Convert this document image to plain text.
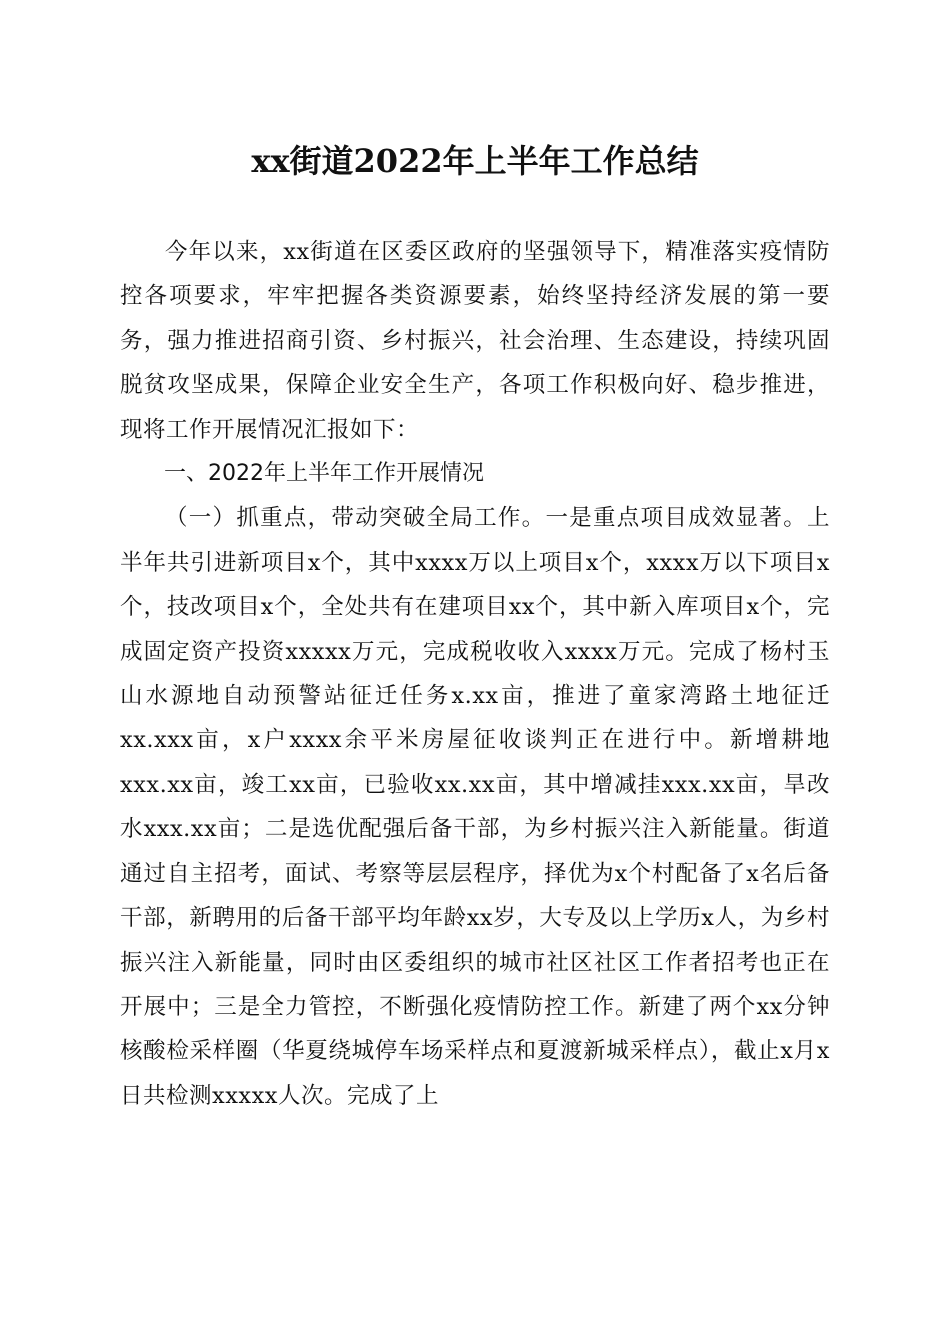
xx街道2022年上半年工作总结

今年以来，xx街道在区委区政府的坚强领导下，精准落实疫情防控各项要求，牢牢把握各类资源要素，始终坚持经济发展的第一要务，强力推进招商引资、乡村振兴，社会治理、生态建设，持续巩固脱贫攻坚成果，保障企业安全生产，各项工作积极向好、稳步推进，现将工作开展情况汇报如下：

一、2022年上半年工作开展情况

（一）抓重点，带动突破全局工作。一是重点项目成效显著。上半年共引进新项目x个，其中xxxx万以上项目x个，xxxx万以下项目x个，技改项目x个，全处共有在建项目xx个，其中新入库项目x个，完成固定资产投资xxxxx万元，完成税收收入xxxx万元。完成了杨村玉山水源地自动预警站征迁任务x.xx亩，推进了童家湾路土地征迁xx.xxx亩，x户xxxx余平米房屋征收谈判正在进行中。新增耕地xxx.xx亩，竣工xx亩，已验收xx.xx亩，其中增减挂xxx.xx亩，旱改水xxx.xx亩；二是选优配强后备干部，为乡村振兴注入新能量。街道通过自主招考，面试、考察等层层程序，择优为x个村配备了x名后备干部，新聘用的后备干部平均年龄xx岁，大专及以上学历x人，为乡村振兴注入新能量，同时由区委组织的城市社区社区工作者招考也正在开展中；三是全力管控，不断强化疫情防控工作。新建了两个xx分钟核酸检采样圈（华夏绕城停车场采样点和夏渡新城采样点），截止x月x日共检测xxxxx人次。完成了上
